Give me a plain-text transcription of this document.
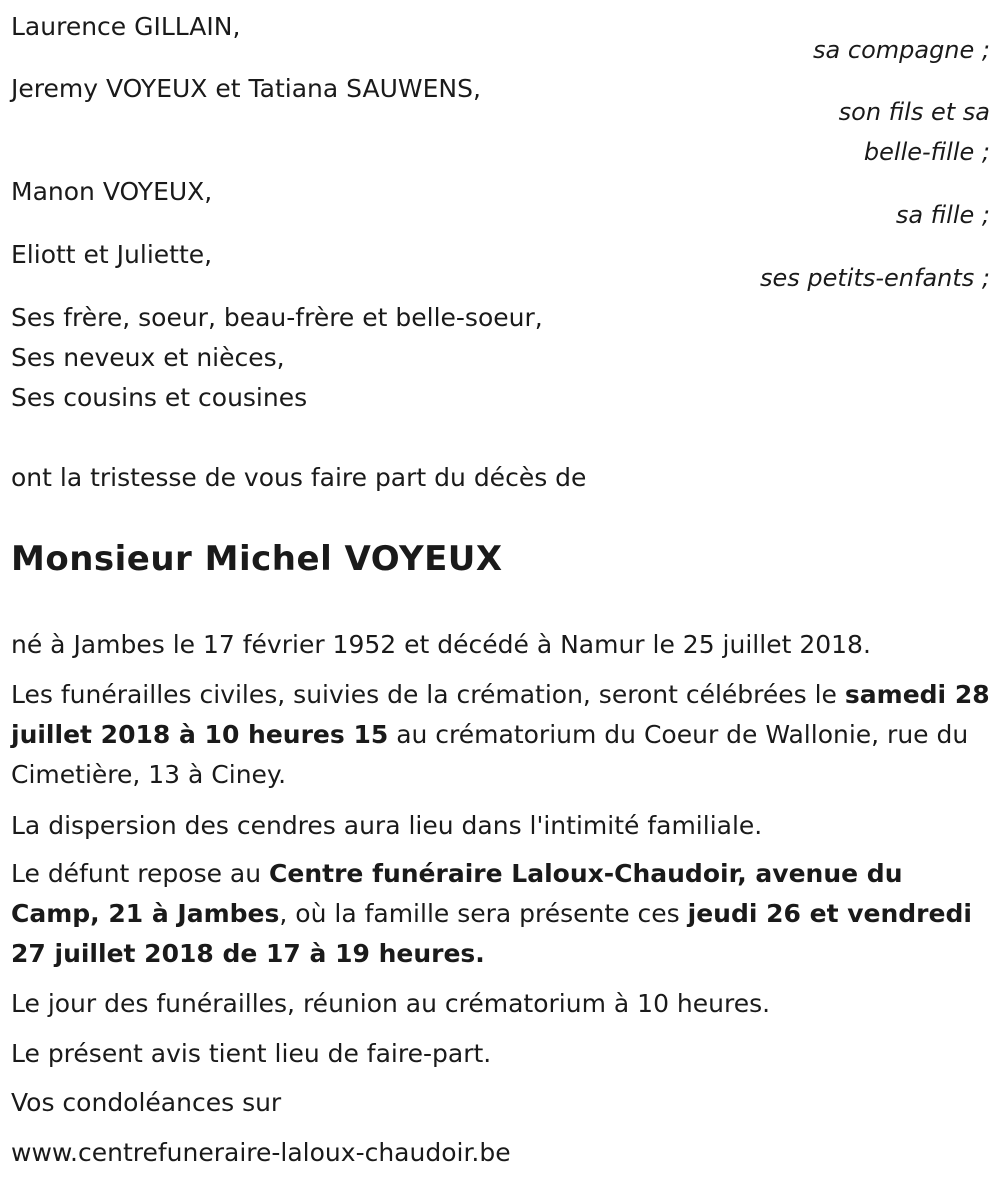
Laurence GILLAIN,
sa compagne ;
Jeremy VOYEUX et Tatiana SAUWENS,
son fils et sa
belle-fille ;
Manon VOYEUX,
sa fille ;
Eliott et Juliette,
ses petits-enfants ;
Ses frère, soeur, beau-frère et belle-soeur,
Ses neveux et nièces,
Ses cousins et cousines
ont la tristesse de vous faire part du décès de
Monsieur Michel VOYEUX
né à Jambes le 17 février 1952 et décédé à Namur le 25 juillet 2018.
Les funérailles civiles, suivies de la crémation, seront célébrées le samedi 28 juillet 2018 à 10 heures 15 au crématorium du Coeur de Wallonie, rue du Cimetière, 13 à Ciney.
La dispersion des cendres aura lieu dans l'intimité familiale.
Le défunt repose au Centre funéraire Laloux-Chaudoir, avenue du Camp, 21 à Jambes, où la famille sera présente ces jeudi 26 et vendredi 27 juillet 2018 de 17 à 19 heures.
Le jour des funérailles, réunion au crématorium à 10 heures.
Le présent avis tient lieu de faire-part.
Vos condoléances sur
www.centrefuneraire-laloux-chaudoir.be
